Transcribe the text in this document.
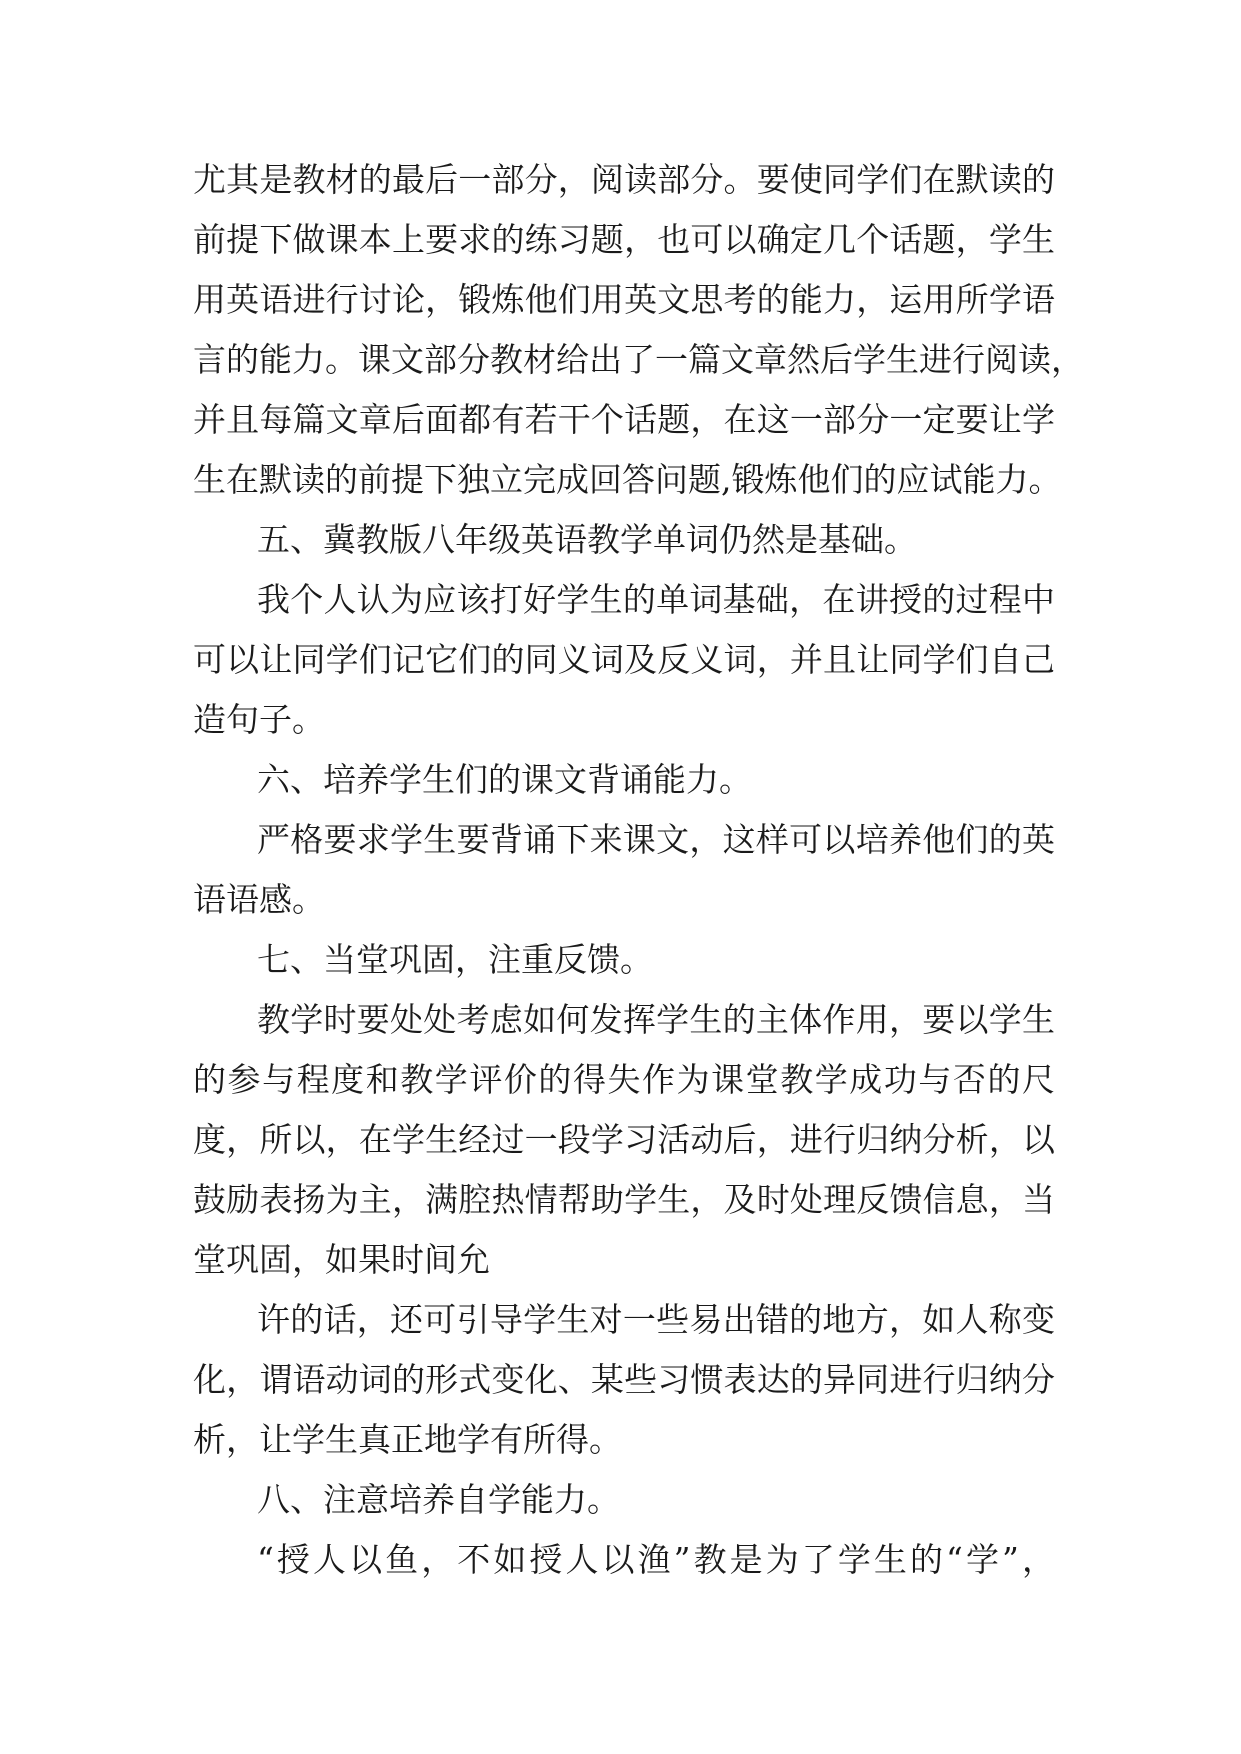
尤其是教材的最后一部分，阅读部分。要使同学们在默读的
前提下做课本上要求的练习题，也可以确定几个话题，学生
用英语进行讨论，锻炼他们用英文思考的能力，运用所学语
言的能力。课文部分教材给出了一篇文章然后学生进行阅读，
并且每篇文章后面都有若干个话题，在这一部分一定要让学
生在默读的前提下独立完成回答问题,锻炼他们的应试能力。
五、冀教版八年级英语教学单词仍然是基础。
我个人认为应该打好学生的单词基础，在讲授的过程中
可以让同学们记它们的同义词及反义词，并且让同学们自己
造句子。
六、培养学生们的课文背诵能力。
严格要求学生要背诵下来课文，这样可以培养他们的英
语语感。
七、当堂巩固，注重反馈。
教学时要处处考虑如何发挥学生的主体作用，要以学生
的参与程度和教学评价的得失作为课堂教学成功与否的尺
度，所以，在学生经过一段学习活动后，进行归纳分析，以
鼓励表扬为主，满腔热情帮助学生，及时处理反馈信息，当
堂巩固，如果时间允
许的话，还可引导学生对一些易出错的地方，如人称变
化，谓语动词的形式变化、某些习惯表达的异同进行归纳分
析，让学生真正地学有所得。
八、注意培养自学能力。
“授人以鱼，不如授人以渔”教是为了学生的“学”，
